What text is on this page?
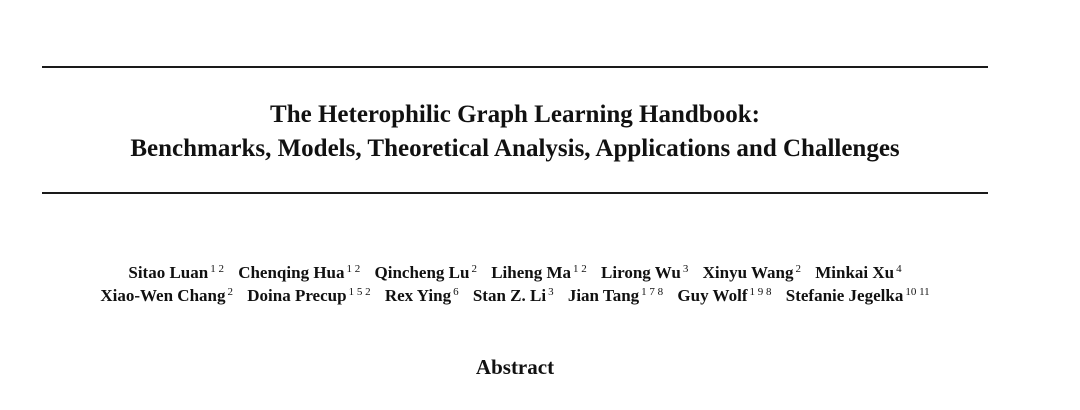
The Heterophilic Graph Learning Handbook:
Benchmarks, Models, Theoretical Analysis, Applications and Challenges
Sitao Luan $^{1 2}$ Chenqing Hua $^{1 2}$ Qincheng Lu $^2$ Liheng Ma $^{1 2}$ Lirong Wu $^3$ Xinyu Wang $^2$ Minkai Xu $^4$
Xiao-Wen Chang $^2$ Doina Precup $^{1 5 2}$ Rex Ying $^6$ Stan Z. Li $^3$ Jian Tang $^{1 7 8}$ Guy Wolf $^{1 9 8}$ Stefanie Jegelka $^{10 11}$
Abstract
